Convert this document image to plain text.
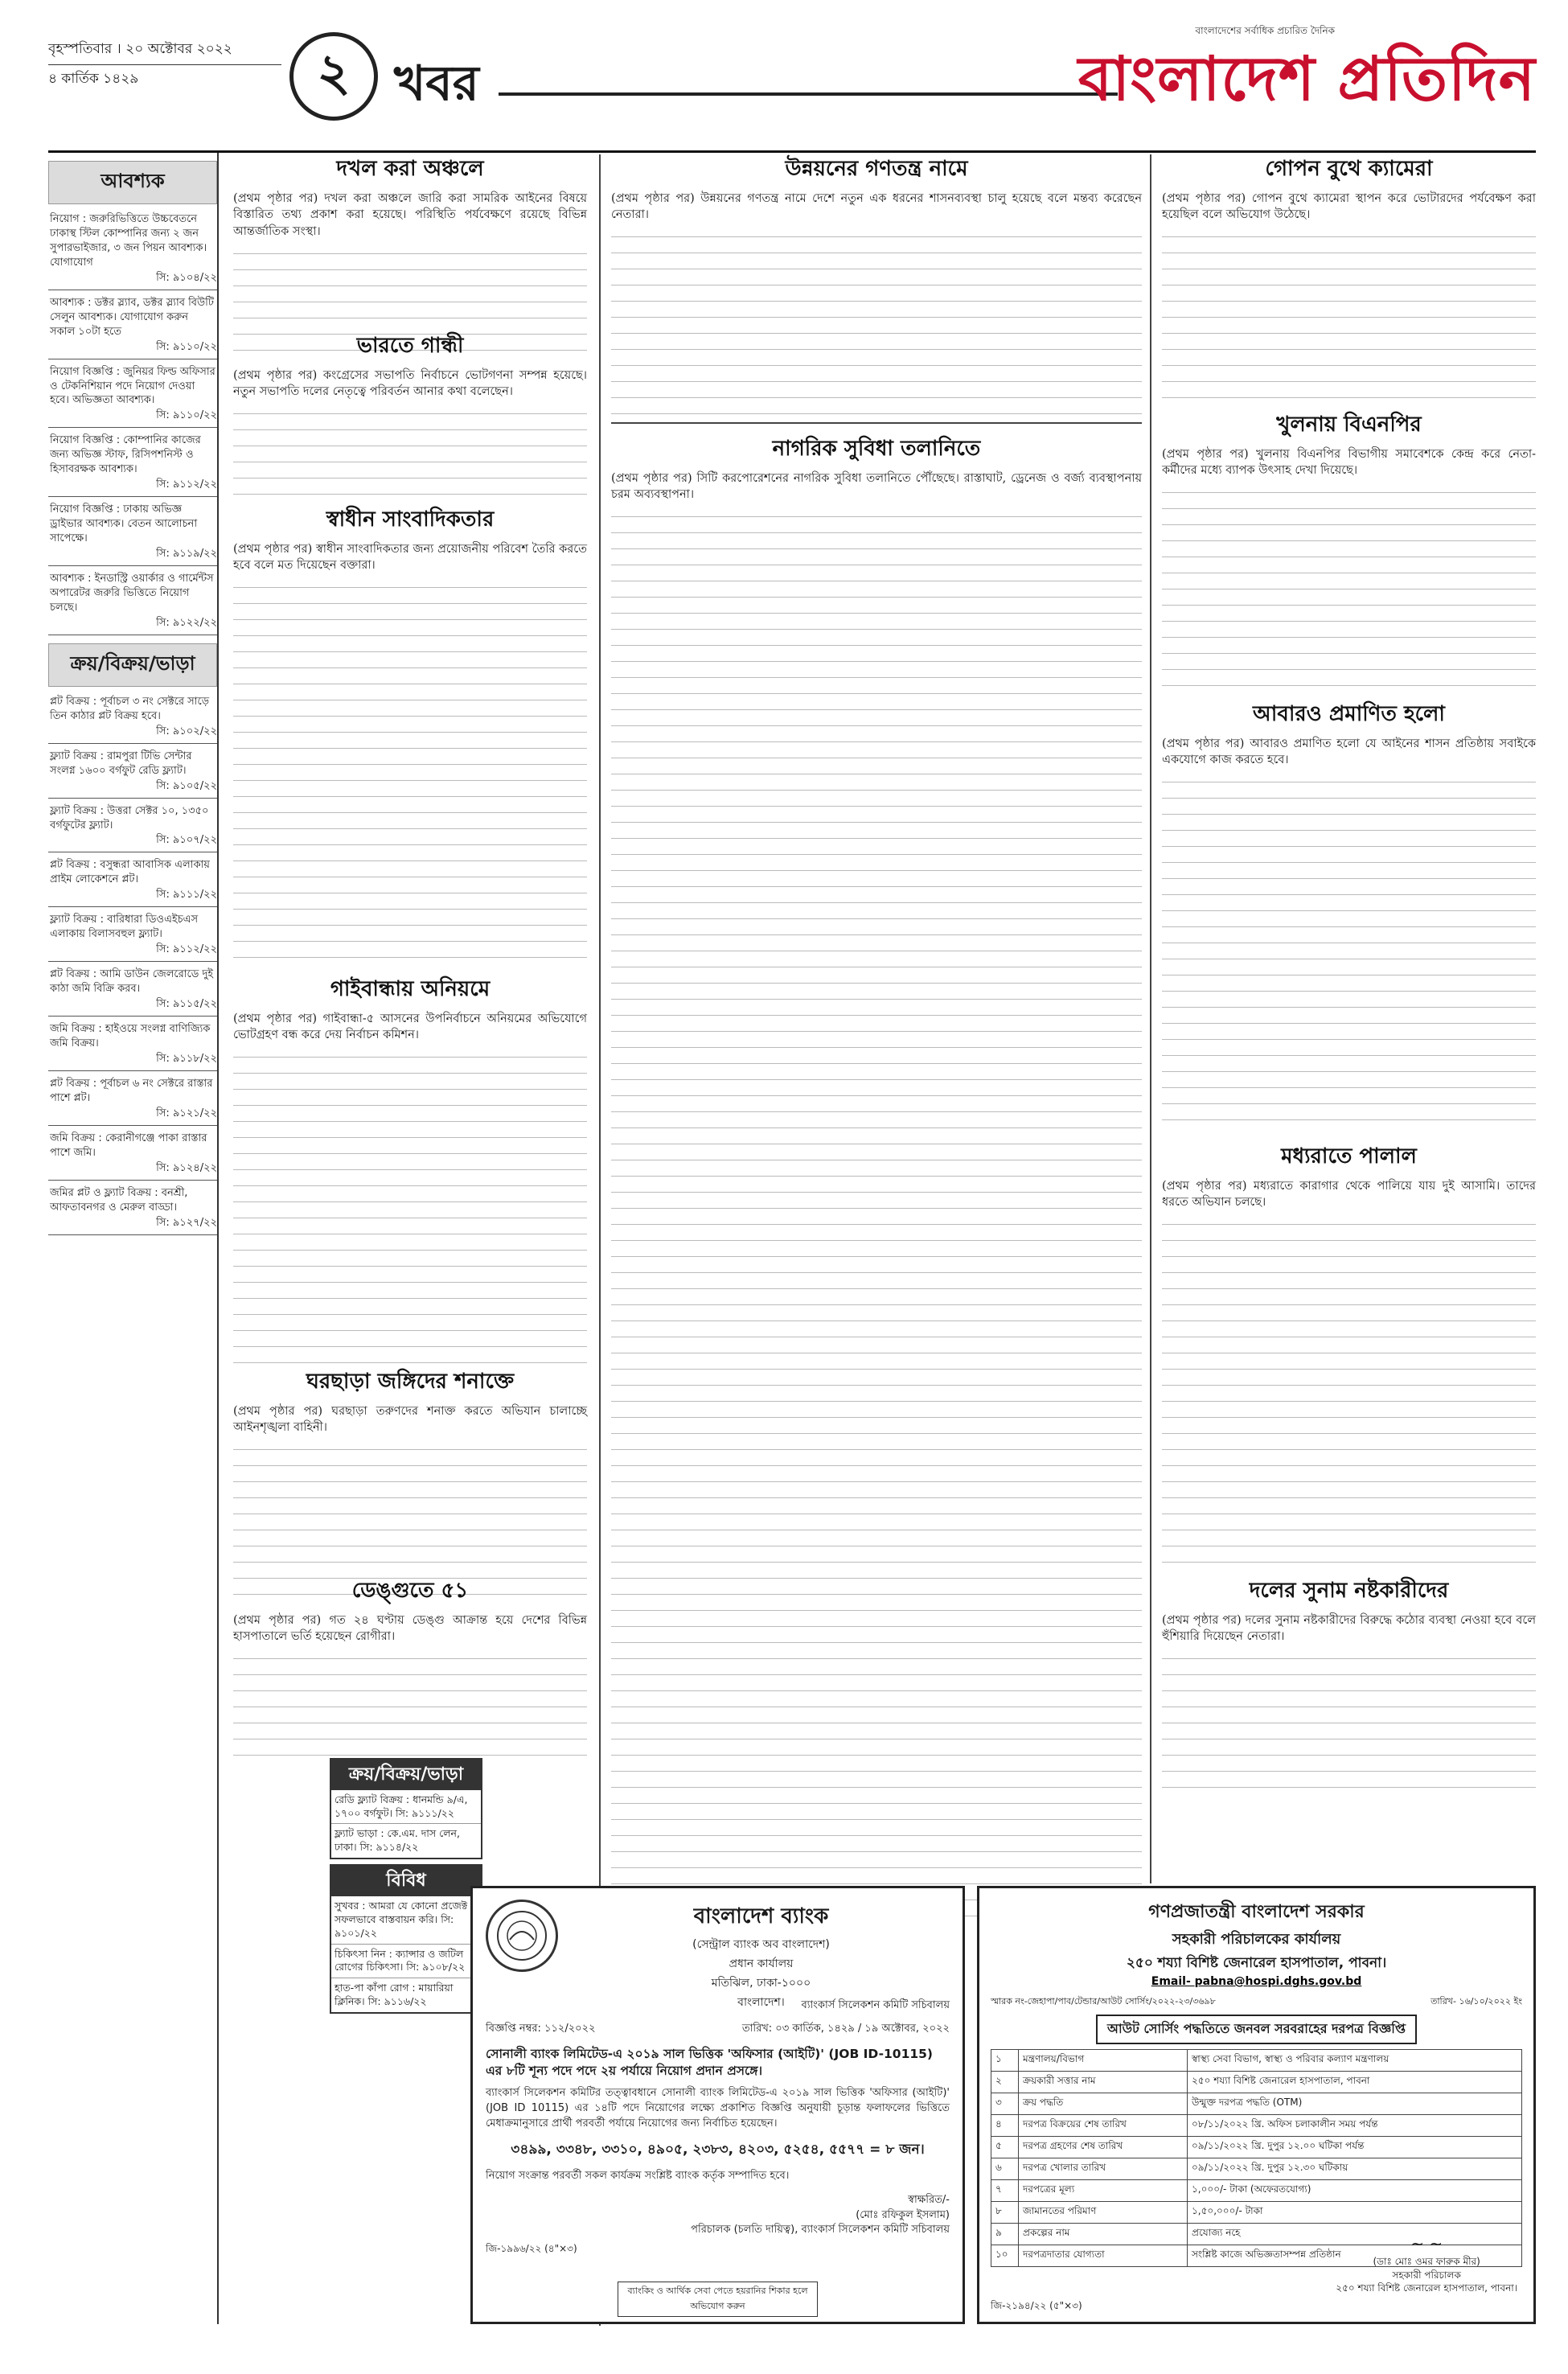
বৃহস্পতিবার । ২০ অক্টোবর ২০২২
৪ কার্তিক ১৪২৯	২ খবর
বাংলাদেশের সর্বাধিক প্রচারিত দৈনিক
বাংলাদেশ প্রতিদিন
আবশ্যক
নিয়োগ : জরুরিভিত্তিতে উচ্চবেতনে ঢাকাস্থ স্টিল কোম্পানির জন্য ২ জন সুপারভাইজার, ৩ জন পিয়ন আবশ্যক। যোগাযোগ
সি: ৯১০৪/২২
আবশ্যক : ডক্টর স্ল্যাব, ডক্টর স্ল্যাব বিউটি সেলুন আবশ্যক। যোগাযোগ করুন সকাল ১০টা হতে
সি: ৯১১০/২২
নিয়োগ বিজ্ঞপ্তি : জুনিয়র ফিল্ড অফিসার ও টেকনিশিয়ান পদে নিয়োগ দেওয়া হবে। অভিজ্ঞতা আবশ্যক।
সি: ৯১১০/২২
নিয়োগ বিজ্ঞপ্তি : কোম্পানির কাজের জন্য অভিজ্ঞ স্টাফ, রিসিপশনিস্ট ও হিসাবরক্ষক আবশ্যক।
সি: ৯১১২/২২
নিয়োগ বিজ্ঞপ্তি : ঢাকায় অভিজ্ঞ ড্রাইভার আবশ্যক। বেতন আলোচনা সাপেক্ষে।
সি: ৯১১৯/২২
আবশ্যক : ইনডাস্ট্রি ওয়ার্কার ও গার্মেন্টস অপারেটর জরুরি ভিত্তিতে নিয়োগ চলছে।
সি: ৯১২২/২২
ক্রয়/বিক্রয়/ভাড়া
প্লট বিক্রয় : পূর্বাচল ৩ নং সেক্টরে সাড়ে তিন কাঠার প্লট বিক্রয় হবে।
সি: ৯১০২/২২
ফ্ল্যাট বিক্রয় : রামপুরা টিভি সেন্টার সংলগ্ন ১৬০০ বর্গফুট রেডি ফ্ল্যাট।
সি: ৯১০৫/২২
ফ্ল্যাট বিক্রয় : উত্তরা সেক্টর ১০, ১৩৫০ বর্গফুটের ফ্ল্যাট।
সি: ৯১০৭/২২
প্লট বিক্রয় : বসুন্ধরা আবাসিক এলাকায় প্রাইম লোকেশনে প্লট।
সি: ৯১১১/২২
ফ্ল্যাট বিক্রয় : বারিধারা ডিওএইচএস এলাকায় বিলাসবহুল ফ্ল্যাট।
সি: ৯১১২/২২
প্লট বিক্রয় : আমি ডাউন জেলরোডে দুই কাঠা জমি বিক্রি করব।
সি: ৯১১৫/২২
জমি বিক্রয় : হাইওয়ে সংলগ্ন বাণিজ্যিক জমি বিক্রয়।
সি: ৯১১৮/২২
প্লট বিক্রয় : পূর্বাচল ৬ নং সেক্টরে রাস্তার পাশে প্লট।
সি: ৯১২১/২২
জমি বিক্রয় : কেরানীগঞ্জে পাকা রাস্তার পাশে জমি।
সি: ৯১২৪/২২
জমির প্লট ও ফ্ল্যাট বিক্রয় : বনশ্রী, আফতাবনগর ও মেরুল বাড্ডা।
সি: ৯১২৭/২২
দখল করা অঞ্চলে

(প্রথম পৃষ্ঠার পর) দখল করা অঞ্চলে জারি করা সামরিক আইনের বিষয়ে বিস্তারিত তথ্য প্রকাশ করা হয়েছে। পরিস্থিতি পর্যবেক্ষণে রয়েছে বিভিন্ন আন্তর্জাতিক সংস্থা।

ভারতে গান্ধী

(প্রথম পৃষ্ঠার পর) কংগ্রেসের সভাপতি নির্বাচনে ভোটগণনা সম্পন্ন হয়েছে। নতুন সভাপতি দলের নেতৃত্বে পরিবর্তন আনার কথা বলেছেন।

স্বাধীন সাংবাদিকতার

(প্রথম পৃষ্ঠার পর) স্বাধীন সাংবাদিকতার জন্য প্রয়োজনীয় পরিবেশ তৈরি করতে হবে বলে মত দিয়েছেন বক্তারা।

গাইবান্ধায় অনিয়মে

(প্রথম পৃষ্ঠার পর) গাইবান্ধা-৫ আসনের উপনির্বাচনে অনিয়মের অভিযোগে ভোটগ্রহণ বন্ধ করে দেয় নির্বাচন কমিশন।

ঘরছাড়া জঙ্গিদের শনাক্তে

(প্রথম পৃষ্ঠার পর) ঘরছাড়া তরুণদের শনাক্ত করতে অভিযান চালাচ্ছে আইনশৃঙ্খলা বাহিনী।

ডেঙ্গুতে ৫১

(প্রথম পৃষ্ঠার পর) গত ২৪ ঘণ্টায় ডেঙ্গু আক্রান্ত হয়ে দেশের বিভিন্ন হাসপাতালে ভর্তি হয়েছেন রোগীরা।

ক্রয়/বিক্রয়/ভাড়া
রেডি ফ্ল্যাট বিক্রয় : ধানমন্ডি ৯/এ, ১৭০০ বর্গফুট। সি: ৯১১১/২২
ফ্ল্যাট ভাড়া : কে.এম. দাস লেন, ঢাকা। সি: ৯১১৪/২২
বিবিধ
সুখবর : আমরা যে কোনো প্রজেক্ট সফলভাবে বাস্তবায়ন করি। সি: ৯১০১/২২
চিকিৎসা নিন : ক্যান্সার ও জটিল রোগের চিকিৎসা। সি: ৯১০৮/২২
হাত-পা কাঁপা রোগ : মায়ারিয়া ক্লিনিক। সি: ৯১১৬/২২
উন্নয়নের গণতন্ত্র নামে

(প্রথম পৃষ্ঠার পর) উন্নয়নের গণতন্ত্র নামে দেশে নতুন এক ধরনের শাসনব্যবস্থা চালু হয়েছে বলে মন্তব্য করেছেন নেতারা।

নাগরিক সুবিধা তলানিতে

(প্রথম পৃষ্ঠার পর) সিটি করপোরেশনের নাগরিক সুবিধা তলানিতে পৌঁছেছে। রাস্তাঘাট, ড্রেনেজ ও বর্জ্য ব্যবস্থাপনায় চরম অব্যবস্থাপনা।

গোপন বুথে ক্যামেরা

(প্রথম পৃষ্ঠার পর) গোপন বুথে ক্যামেরা স্থাপন করে ভোটারদের পর্যবেক্ষণ করা হয়েছিল বলে অভিযোগ উঠেছে।

খুলনায় বিএনপির

(প্রথম পৃষ্ঠার পর) খুলনায় বিএনপির বিভাগীয় সমাবেশকে কেন্দ্র করে নেতা-কর্মীদের মধ্যে ব্যাপক উৎসাহ দেখা দিয়েছে।

আবারও প্রমাণিত হলো

(প্রথম পৃষ্ঠার পর) আবারও প্রমাণিত হলো যে আইনের শাসন প্রতিষ্ঠায় সবাইকে একযোগে কাজ করতে হবে।

মধ্যরাতে পালাল

(প্রথম পৃষ্ঠার পর) মধ্যরাতে কারাগার থেকে পালিয়ে যায় দুই আসামি। তাদের ধরতে অভিযান চলছে।

দলের সুনাম নষ্টকারীদের

(প্রথম পৃষ্ঠার পর) দলের সুনাম নষ্টকারীদের বিরুদ্ধে কঠোর ব্যবস্থা নেওয়া হবে বলে হুঁশিয়ারি দিয়েছেন নেতারা।

বাংলাদেশ ব্যাংক
(সেন্ট্রাল ব্যাংক অব বাংলাদেশ)
প্রধান কার্যালয়
মতিঝিল, ঢাকা-১০০০
বাংলাদেশ।	ব্যাংকার্স সিলেকশন কমিটি সচিবালয়
বিজ্ঞপ্তি নম্বর: ১১২/২০২২	তারিখ: ০৩ কার্তিক, ১৪২৯ / ১৯ অক্টোবর, ২০২২
সোনালী ব্যাংক লিমিটেড-এ ২০১৯ সাল ভিত্তিক 'অফিসার (আইটি)' (JOB ID-10115) এর ৮টি শূন্য পদে পদে ২য় পর্যায়ে নিয়োগ প্রদান প্রসঙ্গে।
ব্যাংকার্স সিলেকশন কমিটির তত্ত্বাবধানে সোনালী ব্যাংক লিমিটেড-এ ২০১৯ সাল ভিত্তিক 'অফিসার (আইটি)' (JOB ID 10115) এর ১৪টি পদে নিয়োগের লক্ষ্যে প্রকাশিত বিজ্ঞপ্তি অনুযায়ী চূড়ান্ত ফলাফলের ভিত্তিতে মেধাক্রমানুসারে প্রার্থী পরবর্তী পর্যায়ে নিয়োগের জন্য নির্বাচিত হয়েছেন।
৩৪৯৯, ৩৩৪৮, ৩৩১০, ৪৯০৫, ২৩৮৩, ৪২০৩, ৫২৫৪, ৫৫৭৭ = ৮ জন।
নিয়োগ সংক্রান্ত পরবর্তী সকল কার্যক্রম সংশ্লিষ্ট ব্যাংক কর্তৃক সম্পাদিত হবে।
স্বাক্ষরিত/-
(মোঃ রফিকুল ইসলাম)
পরিচালক (চলতি দায়িত্ব), ব্যাংকার্স সিলেকশন কমিটি সচিবালয়
জি-১৯৯৬/২২ (৪"×৩)
ব্যাংকিং ও আর্থিক সেবা পেতে হয়রানির শিকার হলে অভিযোগ করুন
গণপ্রজাতন্ত্রী বাংলাদেশ সরকার
সহকারী পরিচালকের কার্যালয়
২৫০ শয্যা বিশিষ্ট জেনারেল হাসপাতাল, পাবনা।
Email- pabna@hospi.dghs.gov.bd
স্মারক নং-জেহাপা/পাব/টেন্ডার/আউট সোর্সিং/২০২২-২৩/৩৬৯৮	তারিখ- ১৬/১০/২০২২ ইং
আউট সোর্সিং পদ্ধতিতে জনবল সরবরাহের দরপত্র বিজ্ঞপ্তি
১	মন্ত্রণালয়/বিভাগ	স্বাস্থ্য সেবা বিভাগ, স্বাস্থ্য ও পরিবার কল্যাণ মন্ত্রণালয়
২	ক্রয়কারী সত্তার নাম	২৫০ শয্যা বিশিষ্ট জেনারেল হাসপাতাল, পাবনা
৩	ক্রয় পদ্ধতি	উন্মুক্ত দরপত্র পদ্ধতি (OTM)
৪	দরপত্র বিক্রয়ের শেষ তারিখ	০৮/১১/২০২২ খ্রি. অফিস চলাকালীন সময় পর্যন্ত
৫	দরপত্র গ্রহণের শেষ তারিখ	০৯/১১/২০২২ খ্রি. দুপুর ১২.০০ ঘটিকা পর্যন্ত
৬	দরপত্র খোলার তারিখ	০৯/১১/২০২২ খ্রি. দুপুর ১২.৩০ ঘটিকায়
৭	দরপত্রের মূল্য	১,০০০/- টাকা (অফেরতযোগ্য)
৮	জামানতের পরিমাণ	১,৫০,০০০/- টাকা
৯	প্রকল্পের নাম	প্রযোজ্য নহে
১০	দরপত্রদাতার যোগ্যতা	সংশ্লিষ্ট কাজে অভিজ্ঞতাসম্পন্ন প্রতিষ্ঠান
~ ~
(ডাঃ মোঃ ওমর ফারুক মীর)
সহকারী পরিচালক
২৫০ শয্যা বিশিষ্ট জেনারেল হাসপাতাল, পাবনা।
জি-২১৯৪/২২ (৫"×৩)
